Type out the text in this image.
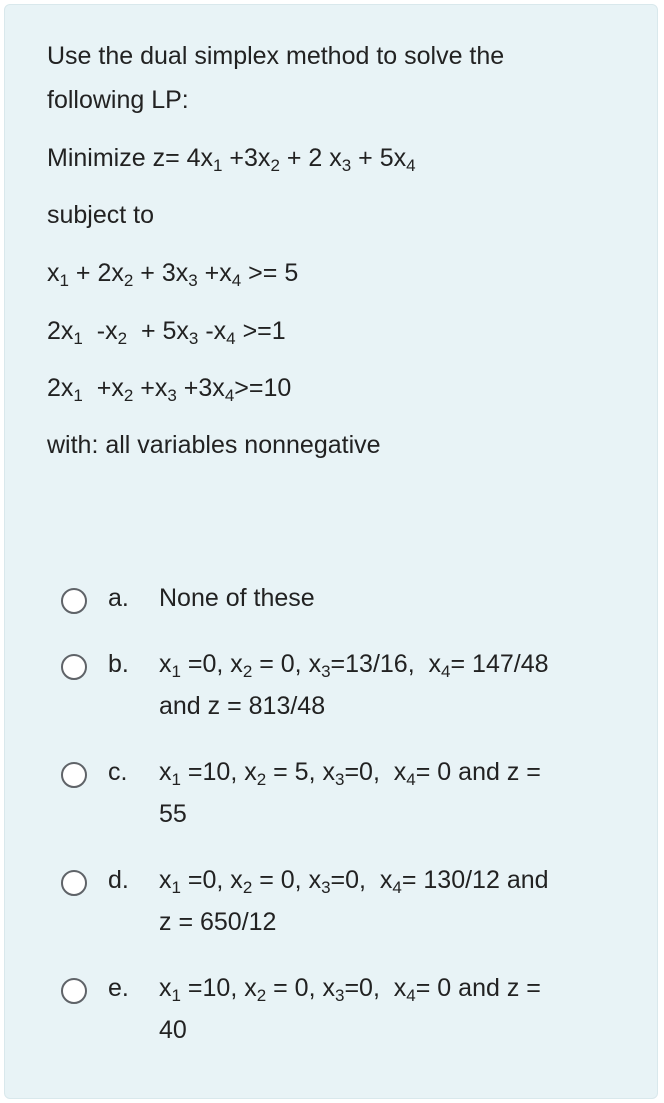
Use the dual simplex method to solve the
following LP:
Minimize $z= 4x_1 +3x_2 + 2$ $x_3 + 5x_4$
subject to
$x_1 + 2x_2 + 3x_3 +x_4 >= 5$
$2x_1$  $-x_2 + 5x_3$ $-x_4 >=1$
$2x_1 +x_2 +x_3 +3x_4>=10$
with: all variables nonnegative
a. None of these
b. $x_1 =0$, $x_2 = 0$, $x_3=13/16$,  $x_4= 147/48$
and z = 813/48
c. $x_1 =10$, $x_2 = 5$, $x_3=0$,  $x_4= 0$ and z =
55
d. $x_1 =0$, $x_2 = 0$, $x_3=0$,  $x_4= 130/12$ and
z = 650/12
e. $x_1 =10$, $x_2 = 0$, $x_3=0$,  $x_4= 0$ and z =
40
